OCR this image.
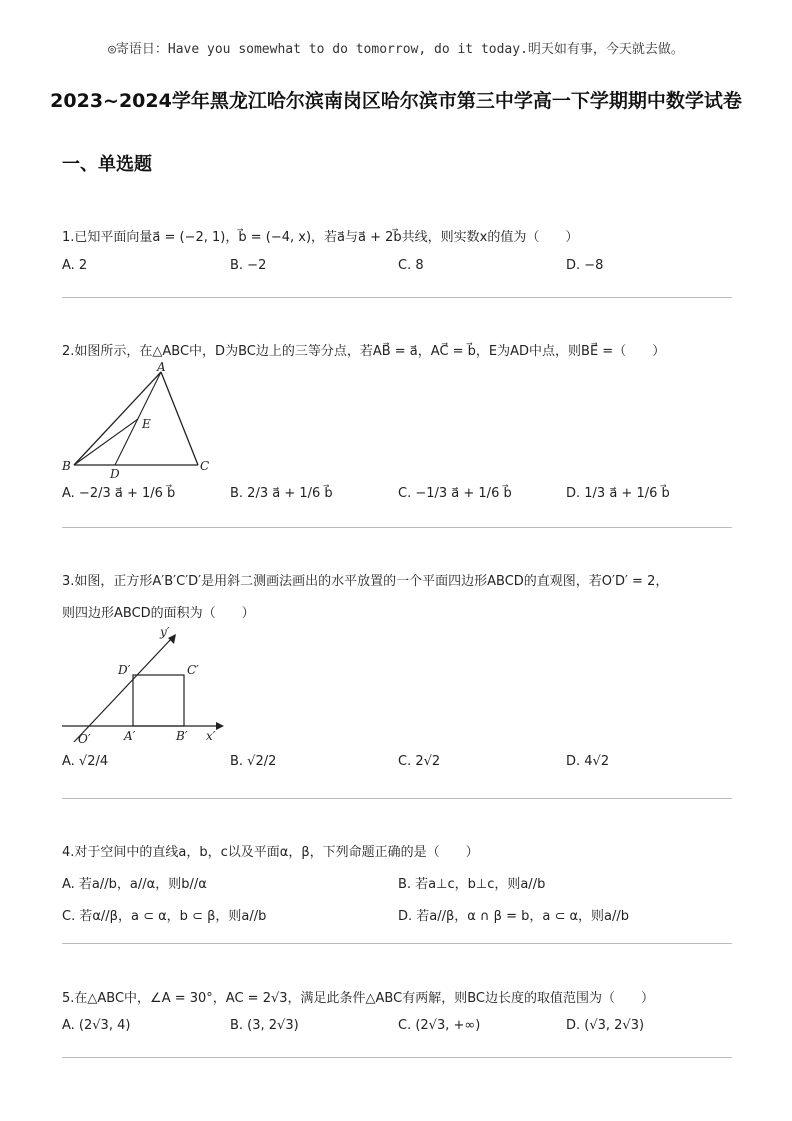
◎寄语日：Have you somewhat to do tomorrow, do it today.明天如有事，今天就去做。
2023~2024学年黑龙江哈尔滨南岗区哈尔滨市第三中学高一下学期期中数学试卷
一、单选题
1.已知平面向量a⃗ = (−2, 1)，b⃗ = (−4, x)，若a⃗与a⃗ + 2b⃗共线，则实数x的值为（　　）
A. 2	B. −2	C. 8	D. −8
2.如图所示，在△ABC中，D为BC边上的三等分点，若AB⃗ = a⃗，AC⃗ = b⃗，E为AD中点，则BE⃗ =（　　）
A
B	C
D
E
A. −2/3 a⃗ + 1/6 b⃗	B. 2/3 a⃗ + 1/6 b⃗	C. −1/3 a⃗ + 1/6 b⃗	D. 1/3 a⃗ + 1/6 b⃗
3.如图，正方形A′B′C′D′是用斜二测画法画出的水平放置的一个平面四边形ABCD的直观图，若O′D′ = 2，
则四边形ABCD的面积为（　　）
y′
D′	C′
O′	A′	B′ x′
A. √2/4	B. √2/2	C. 2√2	D. 4√2
4.对于空间中的直线a，b，c以及平面α，β，下列命题正确的是（　　）
A. 若a//b，a//α，则b//α	B. 若a⊥c，b⊥c，则a//b
C. 若α//β，a ⊂ α，b ⊂ β，则a//b	D. 若a//β，α ∩ β = b，a ⊂ α，则a//b
5.在△ABC中，∠A = 30°，AC = 2√3，满足此条件△ABC有两解，则BC边长度的取值范围为（　　）
A. (2√3, 4)	B. (3, 2√3)	C. (2√3, +∞)	D. (√3, 2√3)
